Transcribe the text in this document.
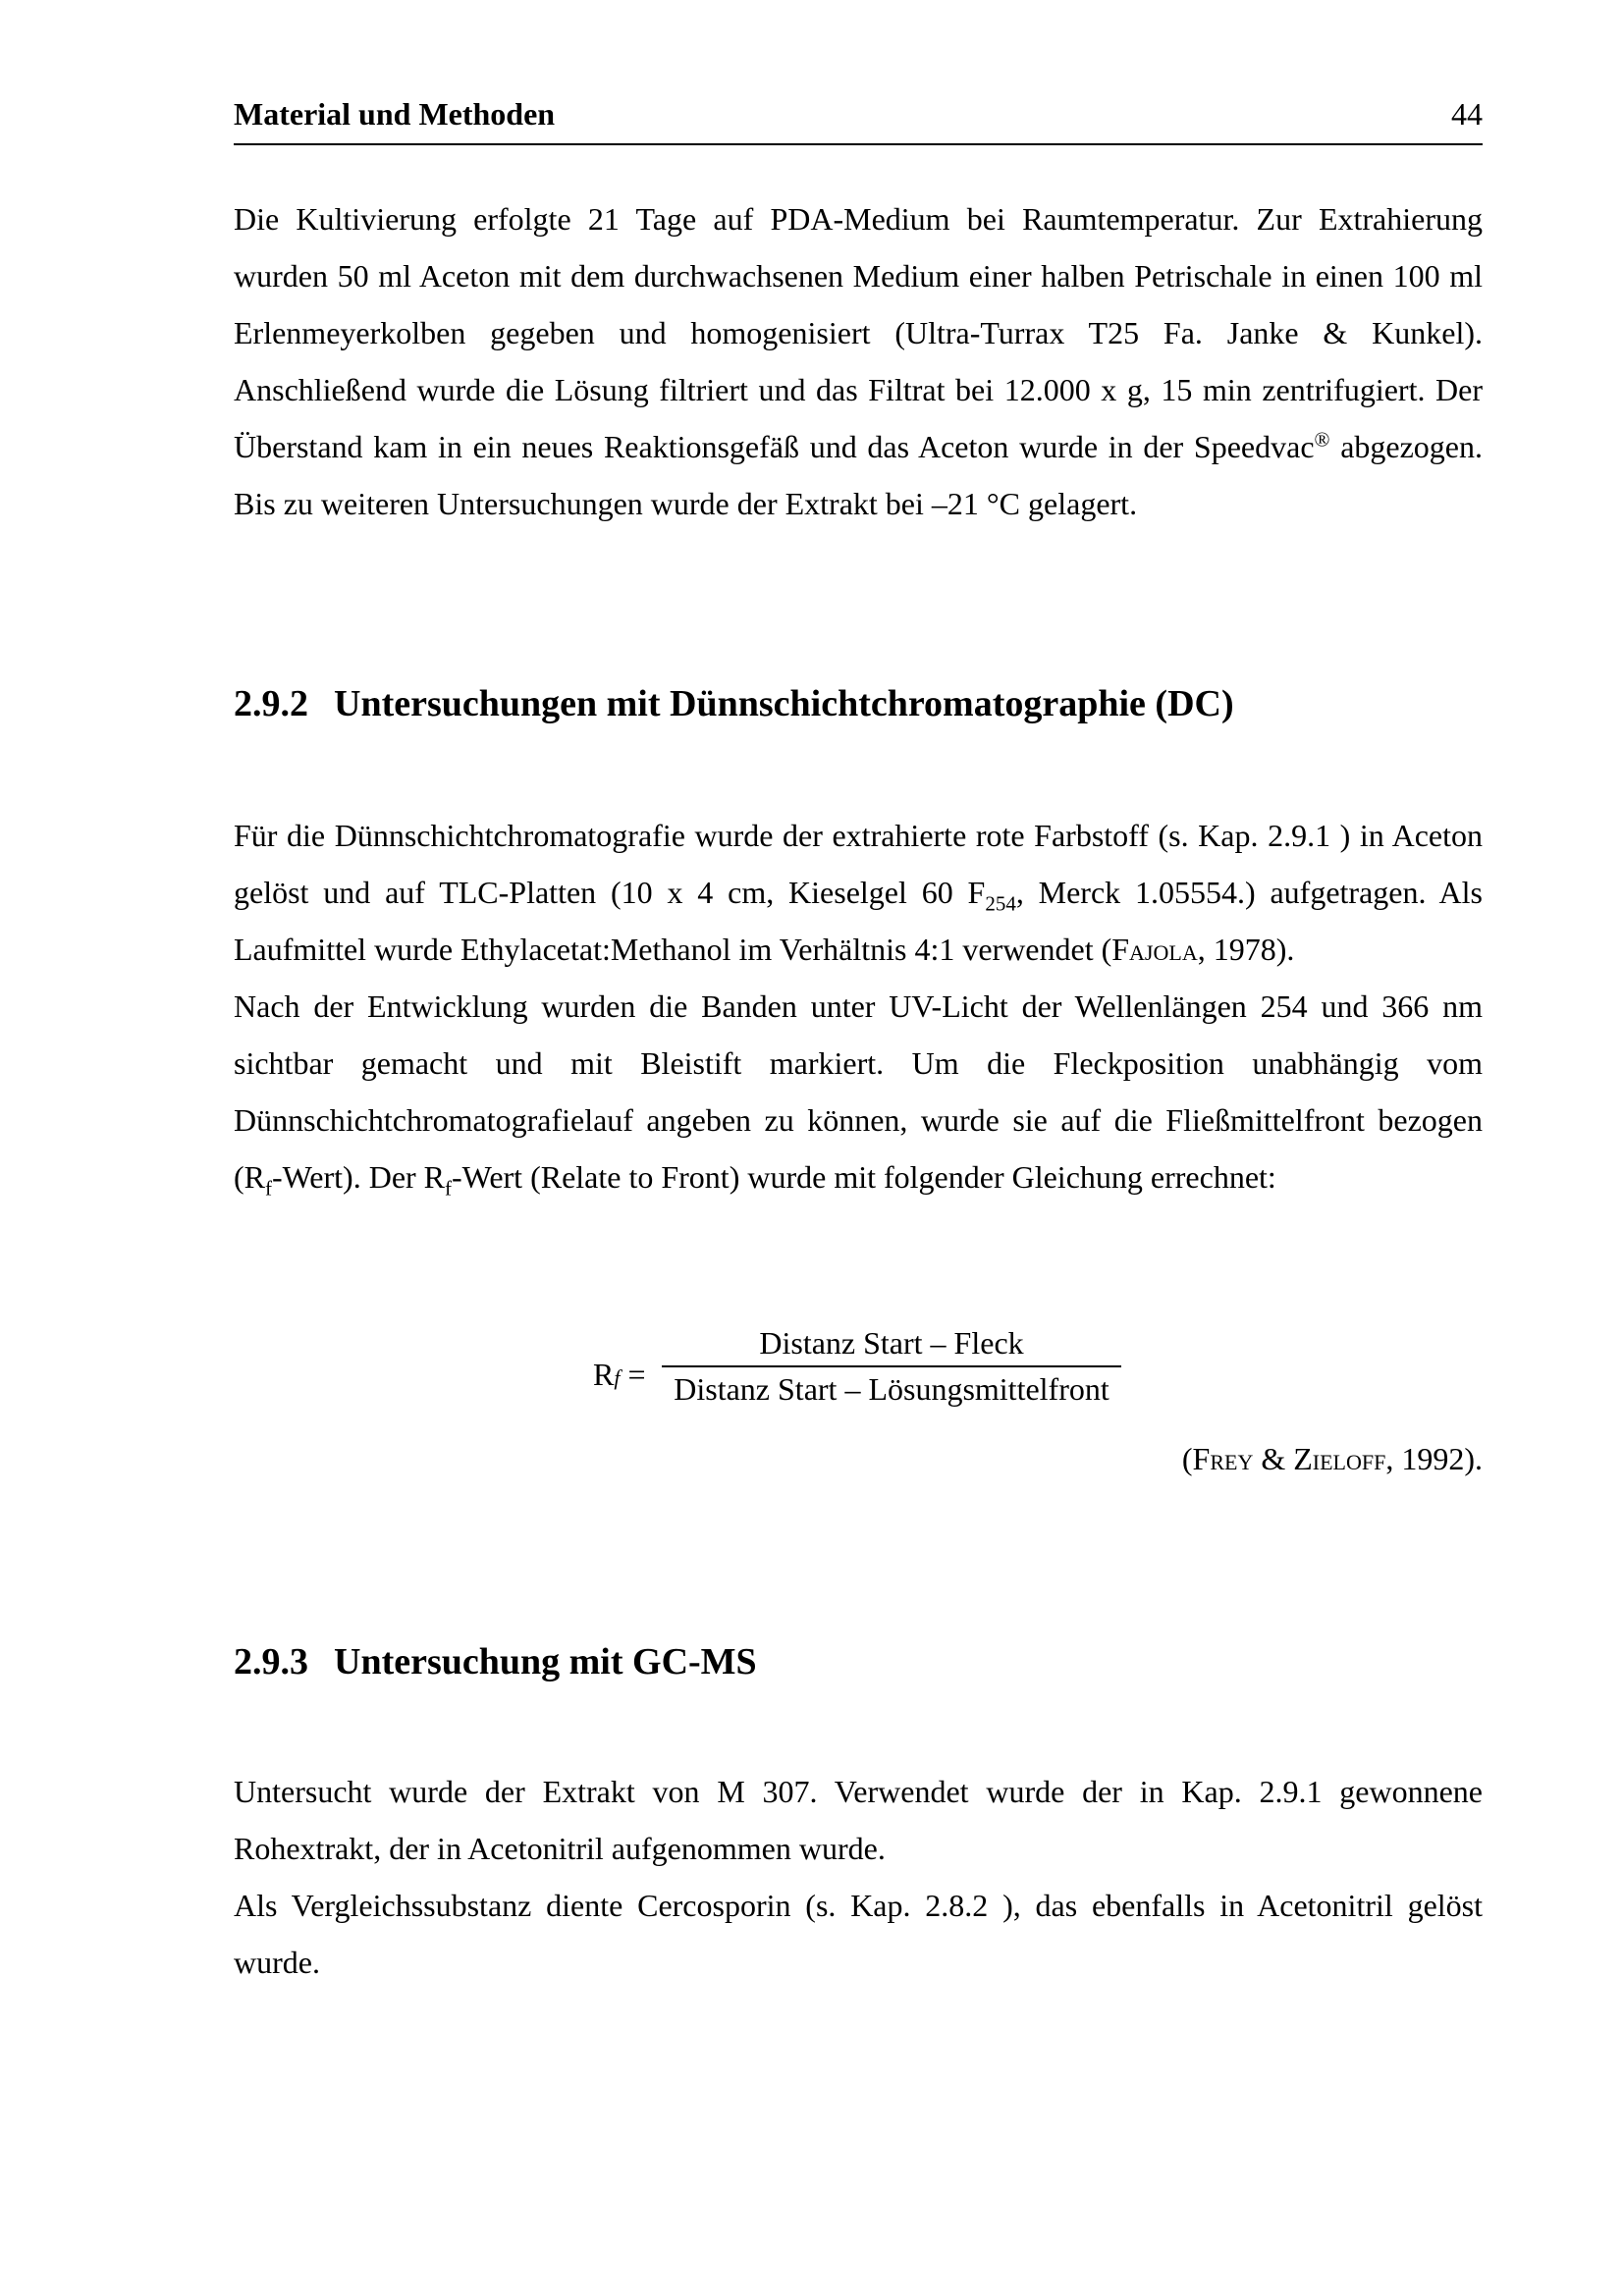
Material und Methoden	44

Die Kultivierung erfolgte 21 Tage auf PDA-Medium bei Raumtemperatur. Zur Extrahierung wurden 50 ml Aceton mit dem durchwachsenen Medium einer halben Petrischale in einen 100 ml Erlenmeyerkolben gegeben und homogenisiert (Ultra-Turrax T25 Fa. Janke & Kunkel). Anschließend wurde die Lösung filtriert und das Filtrat bei 12.000 x g, 15 min zentrifugiert. Der Überstand kam in ein neues Reaktionsgefäß und das Aceton wurde in der Speedvac® abgezogen. Bis zu weiteren Untersuchungen wurde der Extrakt bei –21 °C gelagert.

2.9.2 Untersuchungen mit Dünnschichtchromatographie (DC)

Für die Dünnschichtchromatografie wurde der extrahierte rote Farbstoff (s. Kap. 2.9.1 ) in Aceton gelöst und auf TLC-Platten (10 x 4 cm, Kieselgel 60 $F_{254}$, Merck 1.05554.) aufgetragen. Als Laufmittel wurde Ethylacetat:Methanol im Verhältnis 4:1 verwendet (Fajola, 1978).

Nach der Entwicklung wurden die Banden unter UV-Licht der Wellenlängen 254 und 366 nm sichtbar gemacht und mit Bleistift markiert. Um die Fleckposition unabhängig vom Dünnschichtchromatografielauf angeben zu können, wurde sie auf die Fließmittelfront bezogen $(R_f-Wert)$. Der $R_f$-Wert (Relate to Front) wurde mit folgender Gleichung errechnet:

Rf =
Distanz Start – Fleck
Distanz Start – Lösungsmittelfront
(Frey & Zieloff, 1992).
2.9.3 Untersuchung mit GC-MS

Untersucht wurde der Extrakt von M 307. Verwendet wurde der in Kap. 2.9.1 gewonnene Rohextrakt, der in Acetonitril aufgenommen wurde.

Als Vergleichssubstanz diente Cercosporin (s. Kap. 2.8.2 ), das ebenfalls in Acetonitril gelöst wurde.
